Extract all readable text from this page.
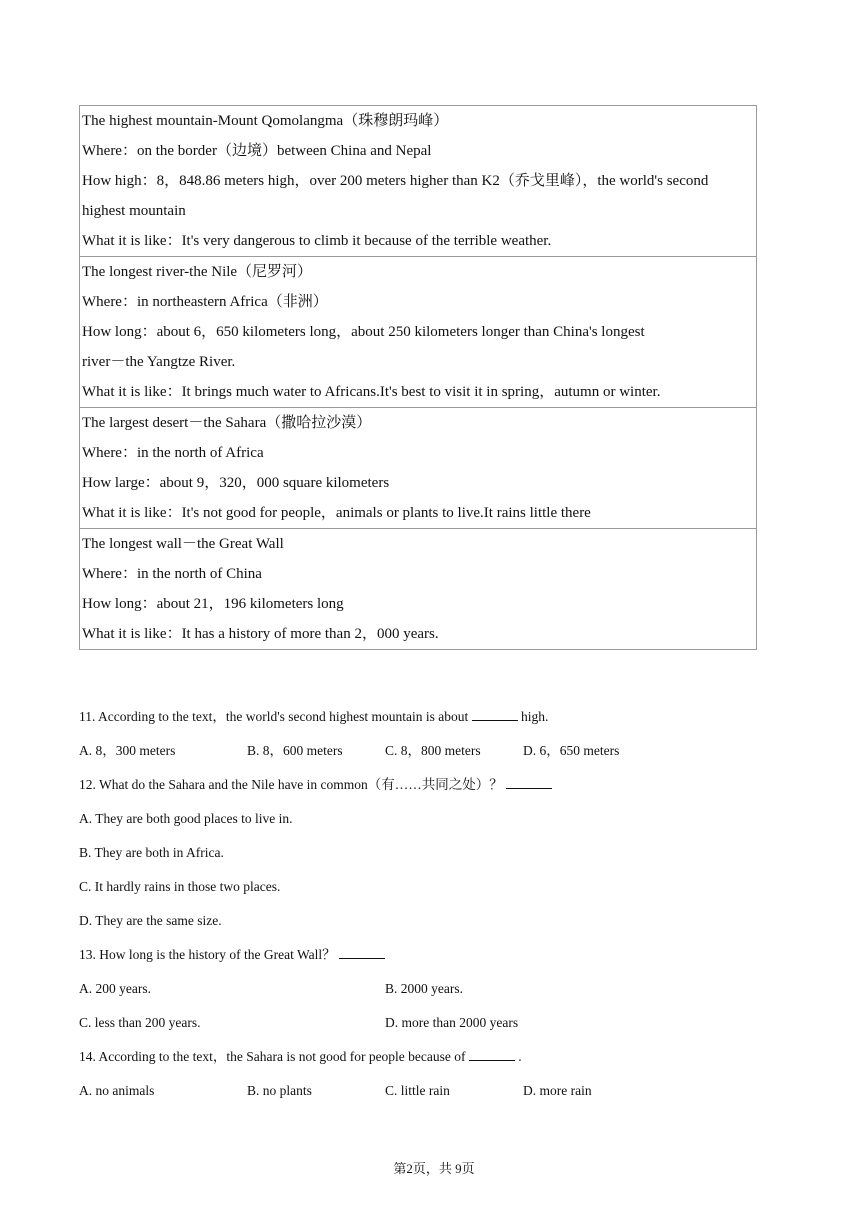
The highest mountain-Mount Qomolangma（珠穆朗玛峰）

Where：on the border（边境）between China and Nepal

How high：8，848.86 meters high，over 200 meters higher than K2（乔戈里峰），the world's second

highest mountain

What it is like：It's very dangerous to climb it because of the terrible weather.

The longest river-the Nile（尼罗河）

Where：in northeastern Africa（非洲）

How long：about 6，650 kilometers long，about 250 kilometers longer than China's longest

river－the Yangtze River.

What it is like：It brings much water to Africans.It's best to visit it in spring，autumn or winter.

The largest desert－the Sahara（撒哈拉沙漠）

Where：in the north of Africa

How large：about 9，320，000 square kilometers

What it is like：It's not good for people，animals or plants to live.It rains little there

The longest wall－the Great Wall

Where：in the north of China

How long：about 21，196 kilometers long

What it is like：It has a history of more than 2，000 years.

11. According to the text，the world's second highest mountain is about	high.
A. 8，300 meters	B. 8，600 meters	C. 8，800 meters	D. 6，650 meters
12. What do the Sahara and the Nile have in common（有……共同之处）？
A. They are both good places to live in.
B. They are both in Africa.
C. It hardly rains in those two places.
D. They are the same size.
13. How long is the history of the Great Wall？
A. 200 years.	B. 2000 years.
C. less than 200 years.	D. more than 2000 years
14. According to the text，the Sahara is not good for people because of	.
A. no animals	B. no plants	C. little rain	D. more rain
第2页，共 9页
